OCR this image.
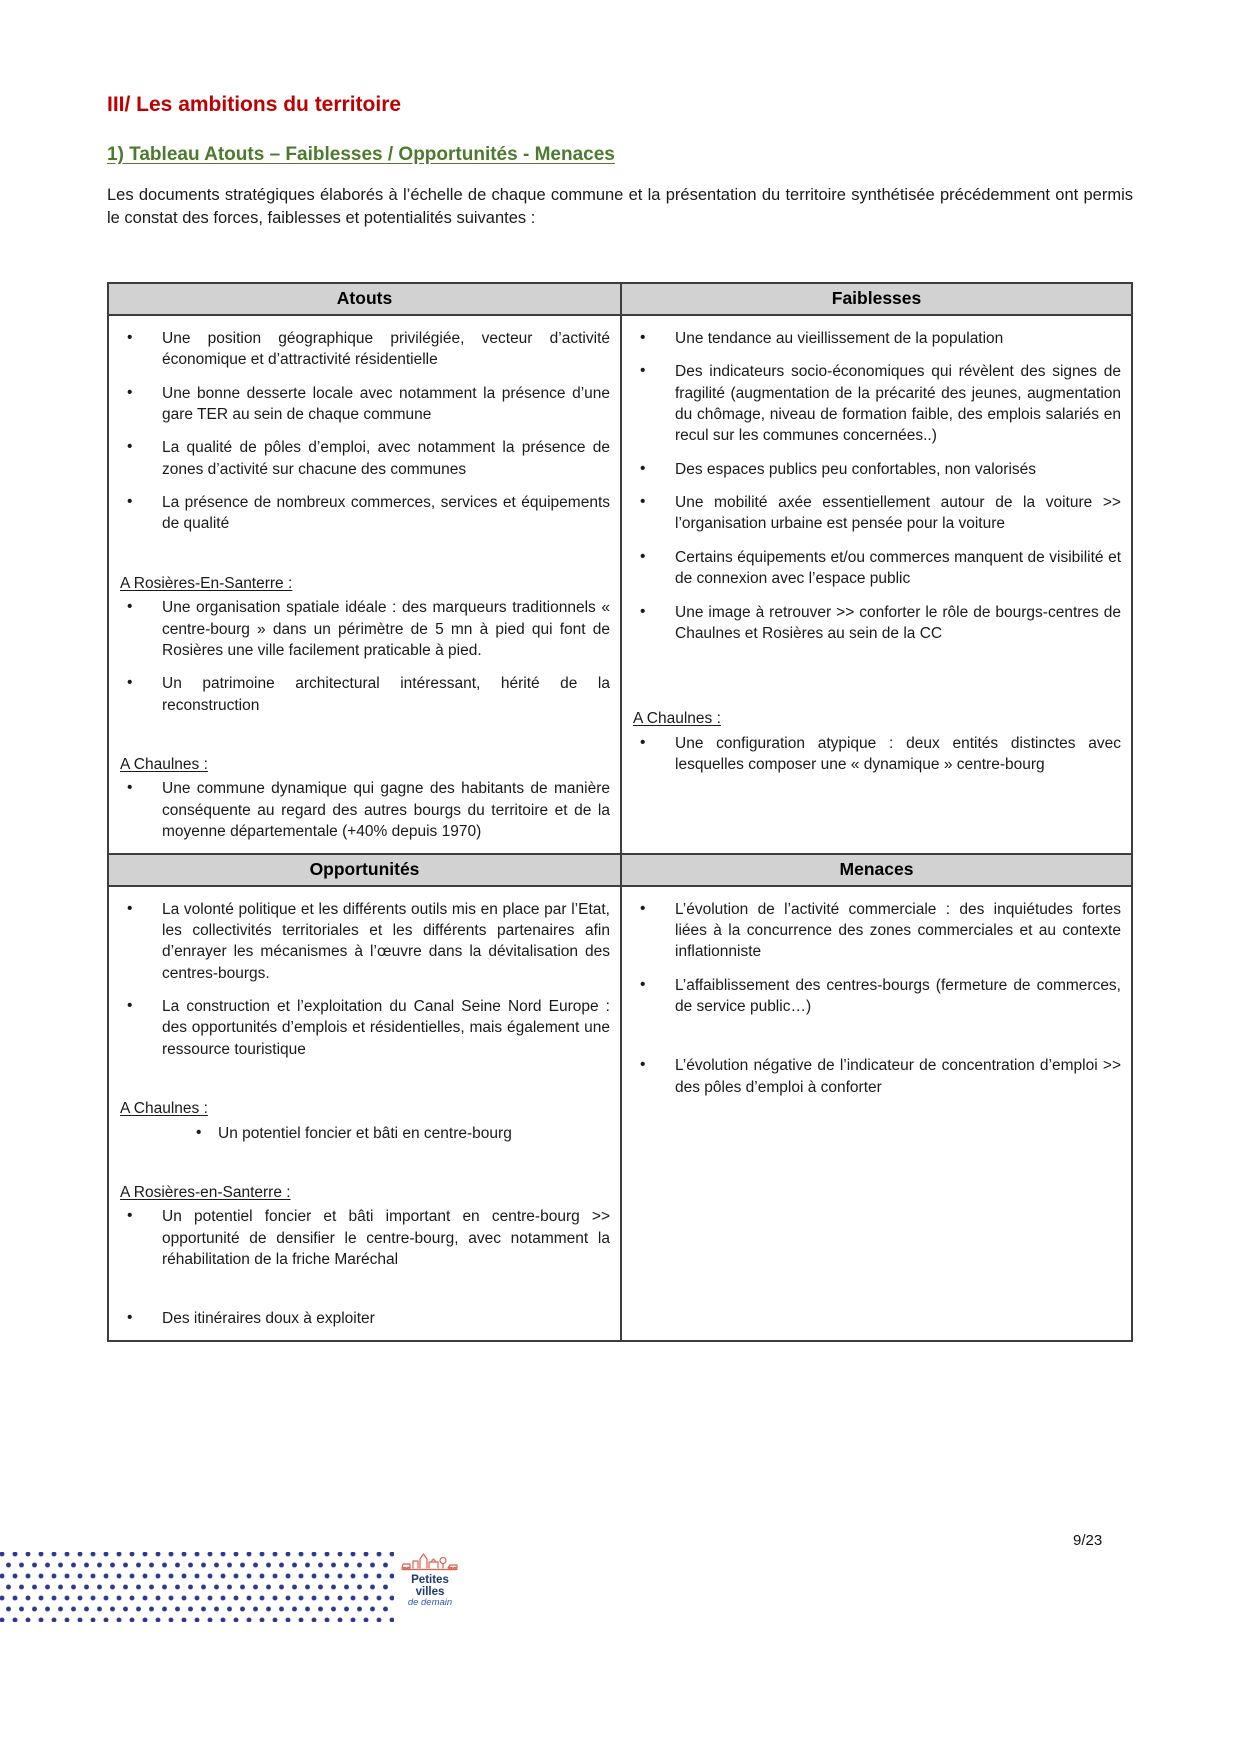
III/ Les ambitions du territoire
1) Tableau Atouts – Faiblesses / Opportunités - Menaces

Les documents stratégiques élaborés à l’échelle de chaque commune et la présentation du territoire synthétisée précédemment ont permis le constat des forces, faiblesses et potentialités suivantes :

Atouts	Faiblesses
• Une position géographique privilégiée, vecteur d’activité économique et d’attractivité résidentielle
• Une bonne desserte locale avec notamment la présence d’une gare TER au sein de chaque commune
• La qualité de pôles d’emploi, avec notamment la présence de zones d’activité sur chacune des communes
• La présence de nombreux commerces, services et équipements de qualité
A Rosières-En-Santerre :
• Une organisation spatiale idéale : des marqueurs traditionnels « centre-bourg » dans un périmètre de 5 mn à pied qui font de Rosières une ville facilement praticable à pied.
• Un patrimoine architectural intéressant, hérité de la reconstruction
A Chaulnes :
• Une commune dynamique qui gagne des habitants de manière conséquente au regard des autres bourgs du territoire et de la moyenne départementale (+40% depuis 1970)
• Une tendance au vieillissement de la population
• Des indicateurs socio-économiques qui révèlent des signes de fragilité (augmentation de la précarité des jeunes, augmentation du chômage, niveau de formation faible, des emplois salariés en recul sur les communes concernées..)
• Des espaces publics peu confortables, non valorisés
• Une mobilité axée essentiellement autour de la voiture >> l’organisation urbaine est pensée pour la voiture
• Certains équipements et/ou commerces manquent de visibilité et de connexion avec l’espace public
• Une image à retrouver >> conforter le rôle de bourgs-centres de Chaulnes et Rosières au sein de la CC
A Chaulnes :
• Une configuration atypique : deux entités distinctes avec lesquelles composer une « dynamique » centre-bourg
Opportunités	Menaces
• La volonté politique et les différents outils mis en place par l’Etat, les collectivités territoriales et les différents partenaires afin d’enrayer les mécanismes à l’œuvre dans la dévitalisation des centres-bourgs.
• La construction et l’exploitation du Canal Seine Nord Europe : des opportunités d’emplois et résidentielles, mais également une ressource touristique
A Chaulnes :
• Un potentiel foncier et bâti en centre-bourg
A Rosières-en-Santerre :
• Un potentiel foncier et bâti important en centre-bourg >> opportunité de densifier le centre-bourg, avec notamment la réhabilitation de la friche Maréchal
• Des itinéraires doux à exploiter
• L’évolution de l’activité commerciale : des inquiétudes fortes liées à la concurrence des zones commerciales et au contexte inflationniste
• L’affaiblissement des centres-bourgs (fermeture de commerces, de service public…)
• L’évolution négative de l’indicateur de concentration d’emploi >> des pôles d’emploi à conforter
Petites villes
de demain
9/23
